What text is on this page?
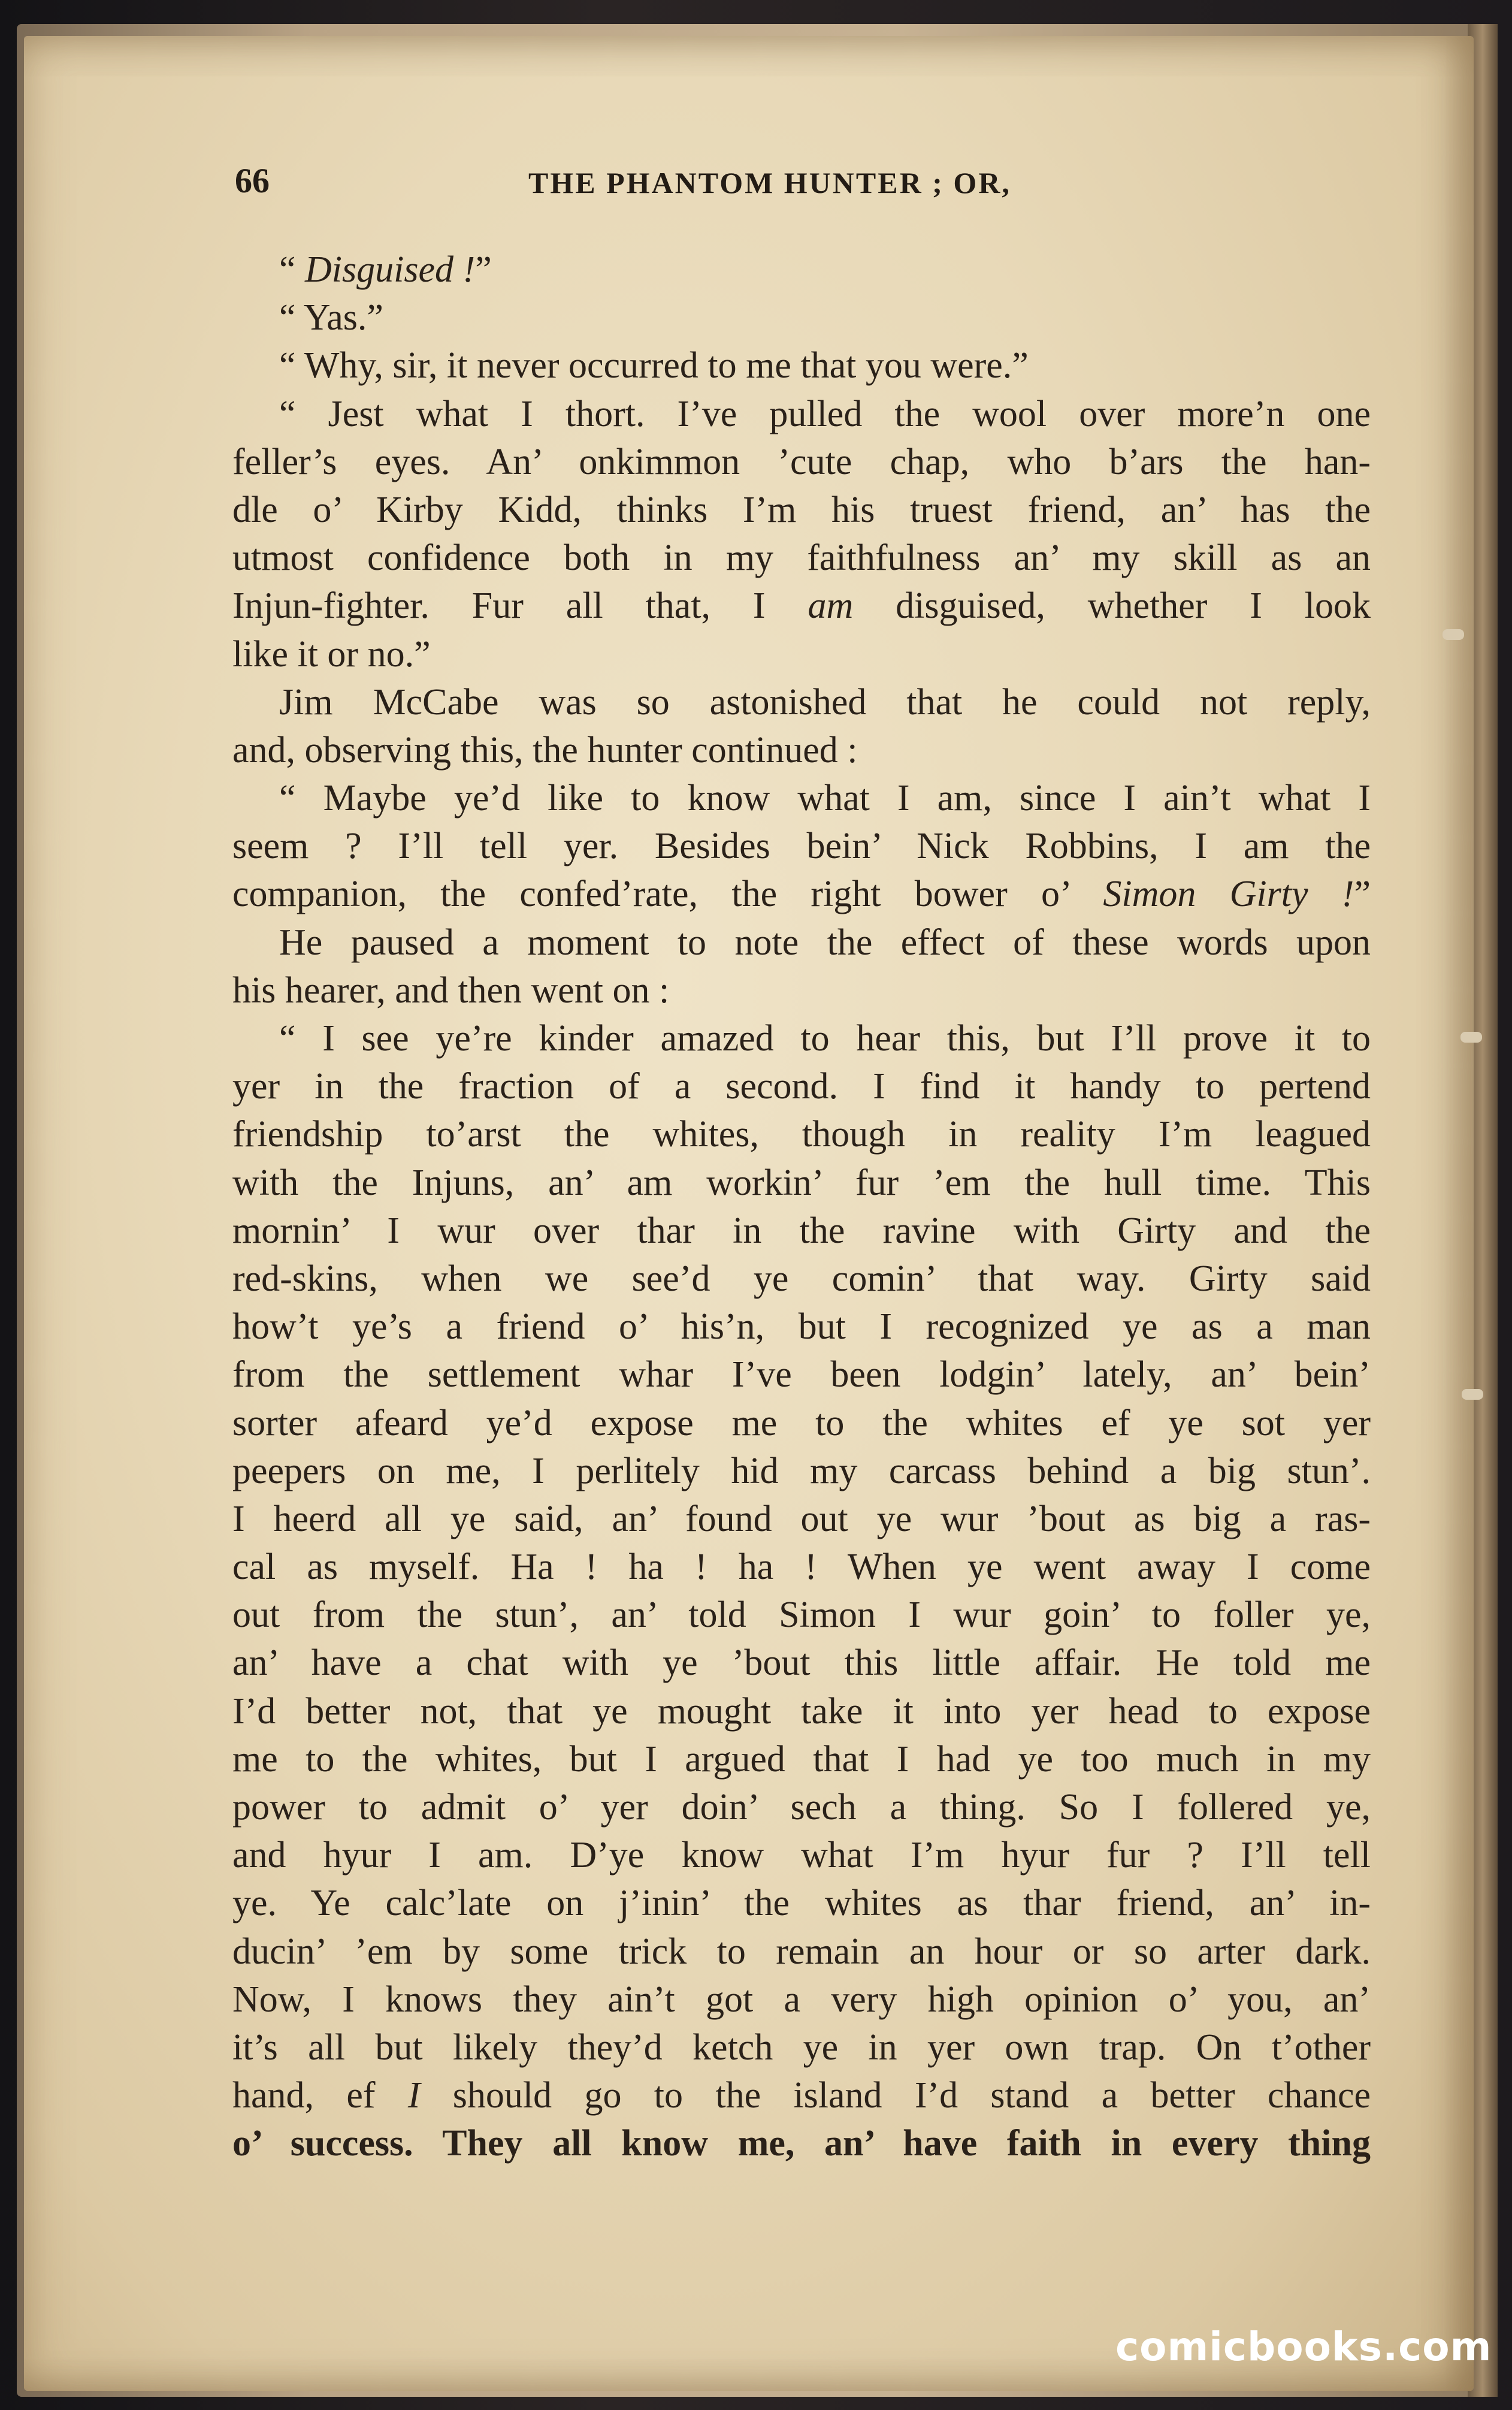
66	THE PHANTOM HUNTER ; OR,
“ Disguised !”
“ Yas.”
“ Why, sir, it never occurred to me that you were.”
“ Jest what I thort. I’ve pulled the wool over more’n one
feller’s eyes. An’ onkimmon ’cute chap, who b’ars the han-
dle o’ Kirby Kidd, thinks I’m his truest friend, an’ has the
utmost confidence both in my faithfulness an’ my skill as an
Injun-fighter. Fur all that, I am disguised, whether I look
like it or no.”
Jim McCabe was so astonished that he could not reply,
and, observing this, the hunter continued :
“ Maybe ye’d like to know what I am, since I ain’t what I
seem ? I’ll tell yer. Besides bein’ Nick Robbins, I am the
companion, the confed’rate, the right bower o’ Simon Girty !”
He paused a moment to note the effect of these words upon
his hearer, and then went on :
“ I see ye’re kinder amazed to hear this, but I’ll prove it to
yer in the fraction of a second. I find it handy to pertend
friendship to’arst the whites, though in reality I’m leagued
with the Injuns, an’ am workin’ fur ’em the hull time. This
mornin’ I wur over thar in the ravine with Girty and the
red-skins, when we see’d ye comin’ that way. Girty said
how’t ye’s a friend o’ his’n, but I recognized ye as a man
from the settlement whar I’ve been lodgin’ lately, an’ bein’
sorter afeard ye’d expose me to the whites ef ye sot yer
peepers on me, I perlitely hid my carcass behind a big stun’.
I heerd all ye said, an’ found out ye wur ’bout as big a ras-
cal as myself. Ha ! ha ! ha ! When ye went away I come
out from the stun’, an’ told Simon I wur goin’ to foller ye,
an’ have a chat with ye ’bout this little affair. He told me
I’d better not, that ye mought take it into yer head to expose
me to the whites, but I argued that I had ye too much in my
power to admit o’ yer doin’ sech a thing. So I follered ye,
and hyur I am. D’ye know what I’m hyur fur ? I’ll tell
ye. Ye calc’late on j’inin’ the whites as thar friend, an’ in-
ducin’ ’em by some trick to remain an hour or so arter dark.
Now, I knows they ain’t got a very high opinion o’ you, an’
it’s all but likely they’d ketch ye in yer own trap. On t’other
hand, ef I should go to the island I’d stand a better chance
o’ success. They all know me, an’ have faith in every thing
comicbooks.com
